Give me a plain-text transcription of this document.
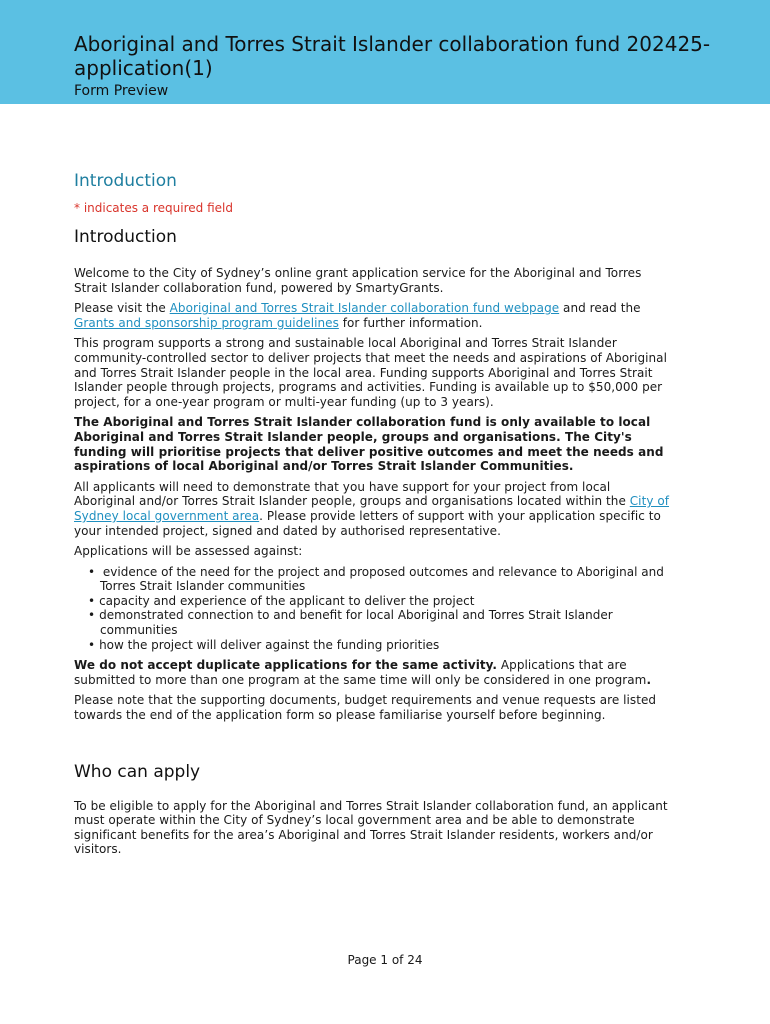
Aboriginal and Torres Strait Islander collaboration fund 202425-application(1)
Form Preview
Introduction
* indicates a required field
Introduction

Welcome to the City of Sydney’s online grant application service for the Aboriginal and Torres Strait Islander collaboration fund, powered by SmartyGrants.

Please visit the Aboriginal and Torres Strait Islander collaboration fund webpage and read the Grants and sponsorship program guidelines for further information.

This program supports a strong and sustainable local Aboriginal and Torres Strait Islander community-controlled sector to deliver projects that meet the needs and aspirations of Aboriginal and Torres Strait Islander people in the local area. Funding supports Aboriginal and Torres Strait Islander people through projects, programs and activities. Funding is available up to $50,000 per project, for a one-year program or multi-year funding (up to 3 years).

The Aboriginal and Torres Strait Islander collaboration fund is only available to local Aboriginal and Torres Strait Islander people, groups and organisations. The City's funding will prioritise projects that deliver positive outcomes and meet the needs and aspirations of local Aboriginal and/or Torres Strait Islander Communities.

All applicants will need to demonstrate that you have support for your project from local Aboriginal and/or Torres Strait Islander people, groups and organisations located within the City of Sydney local government area. Please provide letters of support with your application specific to your intended project, signed and dated by authorised representative.

Applications will be assessed against:

• evidence of the need for the project and proposed outcomes and relevance to Aboriginal and Torres Strait Islander communities
• capacity and experience of the applicant to deliver the project
• demonstrated connection to and benefit for local Aboriginal and Torres Strait Islander communities
• how the project will deliver against the funding priorities

We do not accept duplicate applications for the same activity. Applications that are submitted to more than one program at the same time will only be considered in one program.

Please note that the supporting documents, budget requirements and venue requests are listed towards the end of the application form so please familiarise yourself before beginning.

Who can apply

To be eligible to apply for the Aboriginal and Torres Strait Islander collaboration fund, an applicant must operate within the City of Sydney’s local government area and be able to demonstrate significant benefits for the area’s Aboriginal and Torres Strait Islander residents, workers and/or visitors.

Page 1 of 24
